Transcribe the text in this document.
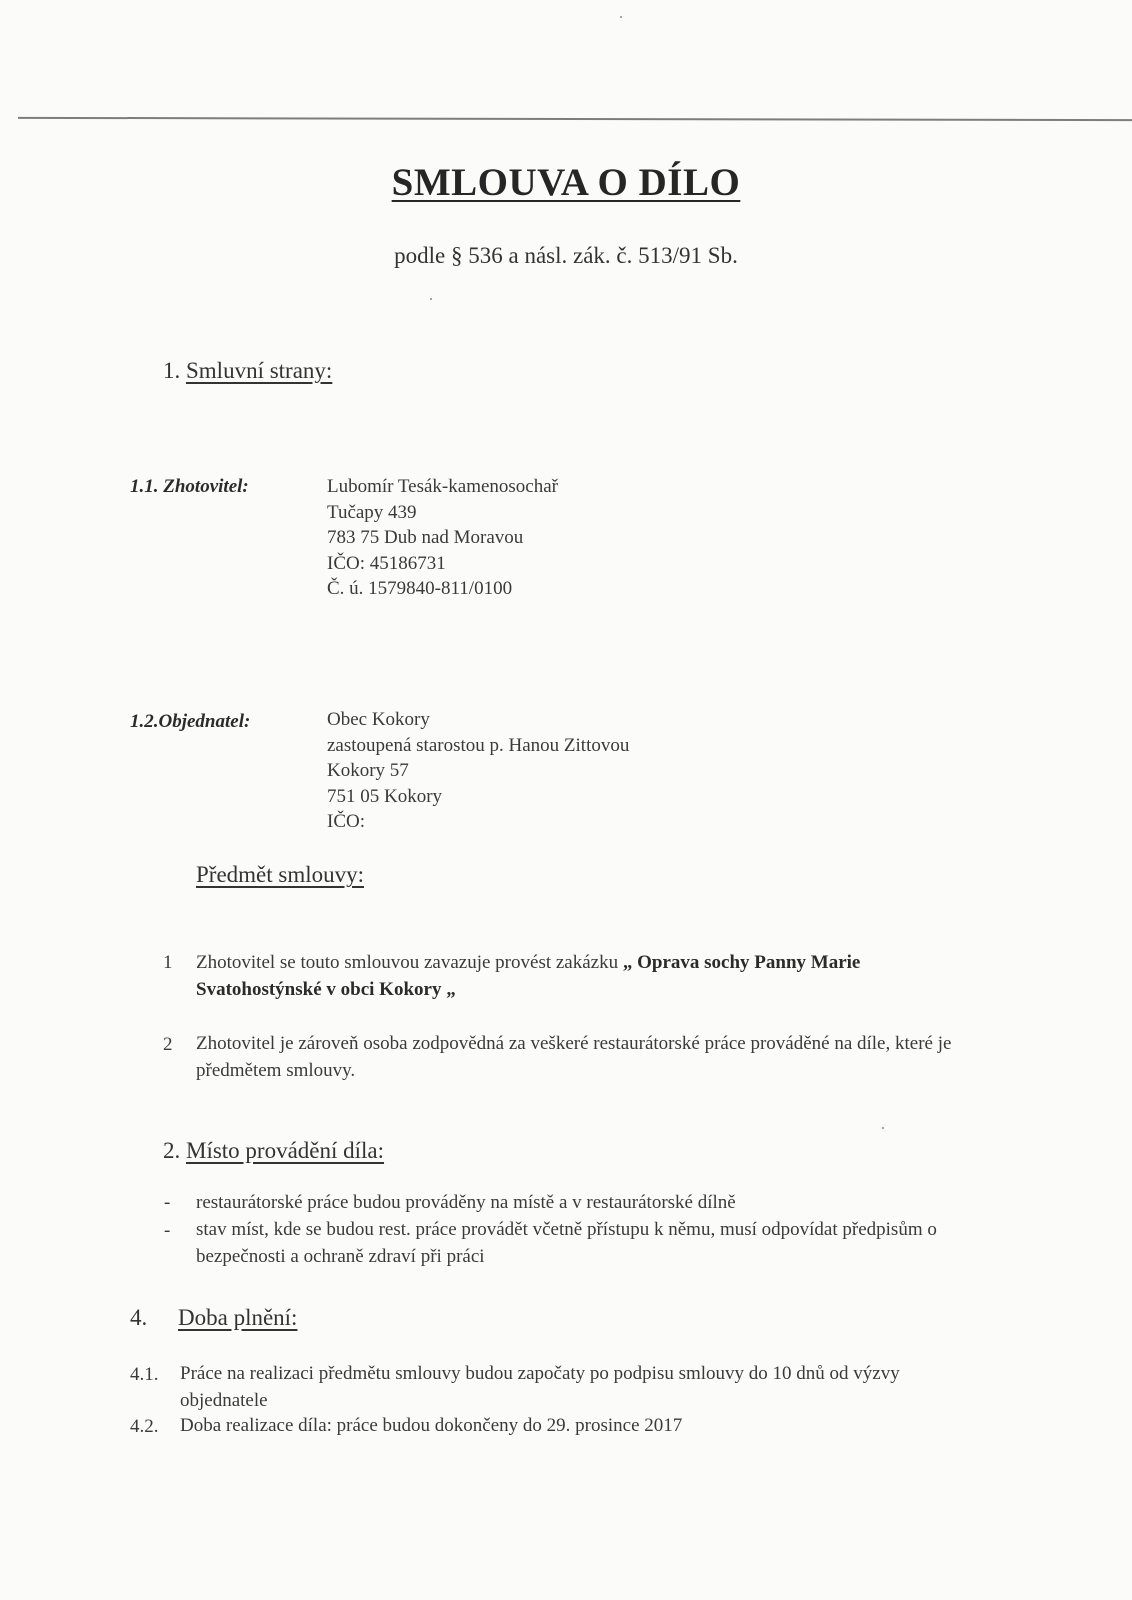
SMLOUVA O DÍLO
podle § 536 a násl. zák. č. 513/91 Sb.
1. Smluvní strany:
1.1. Zhotovitel:	Lubomír Tesák-kamenosochař
Tučapy 439
783 75 Dub nad Moravou
IČO: 45186731
Č. ú. 1579840-811/0100
1.2.Objednatel:	Obec Kokory
zastoupená starostou p. Hanou Zittovou
Kokory 57
751 05 Kokory
IČO:
Předmět smlouvy:
1 Zhotovitel se touto smlouvou zavazuje provést zakázku „ Oprava sochy Panny Marie Svatohostýnské v obci Kokory „
2 Zhotovitel je zároveň osoba zodpovědná za veškeré restaurátorské práce prováděné na díle, které je předmětem smlouvy.
2. Místo provádění díla:
- restaurátorské práce budou prováděny na místě a v restaurátorské dílně
- stav míst, kde se budou rest. práce provádět včetně přístupu k němu, musí odpovídat předpisům o bezpečnosti a ochraně zdraví při práci
4. Doba plnění:
4.1. Práce na realizaci předmětu smlouvy budou započaty po podpisu smlouvy do 10 dnů od výzvy objednatele
4.2. Doba realizace díla: práce budou dokončeny do 29. prosince 2017
